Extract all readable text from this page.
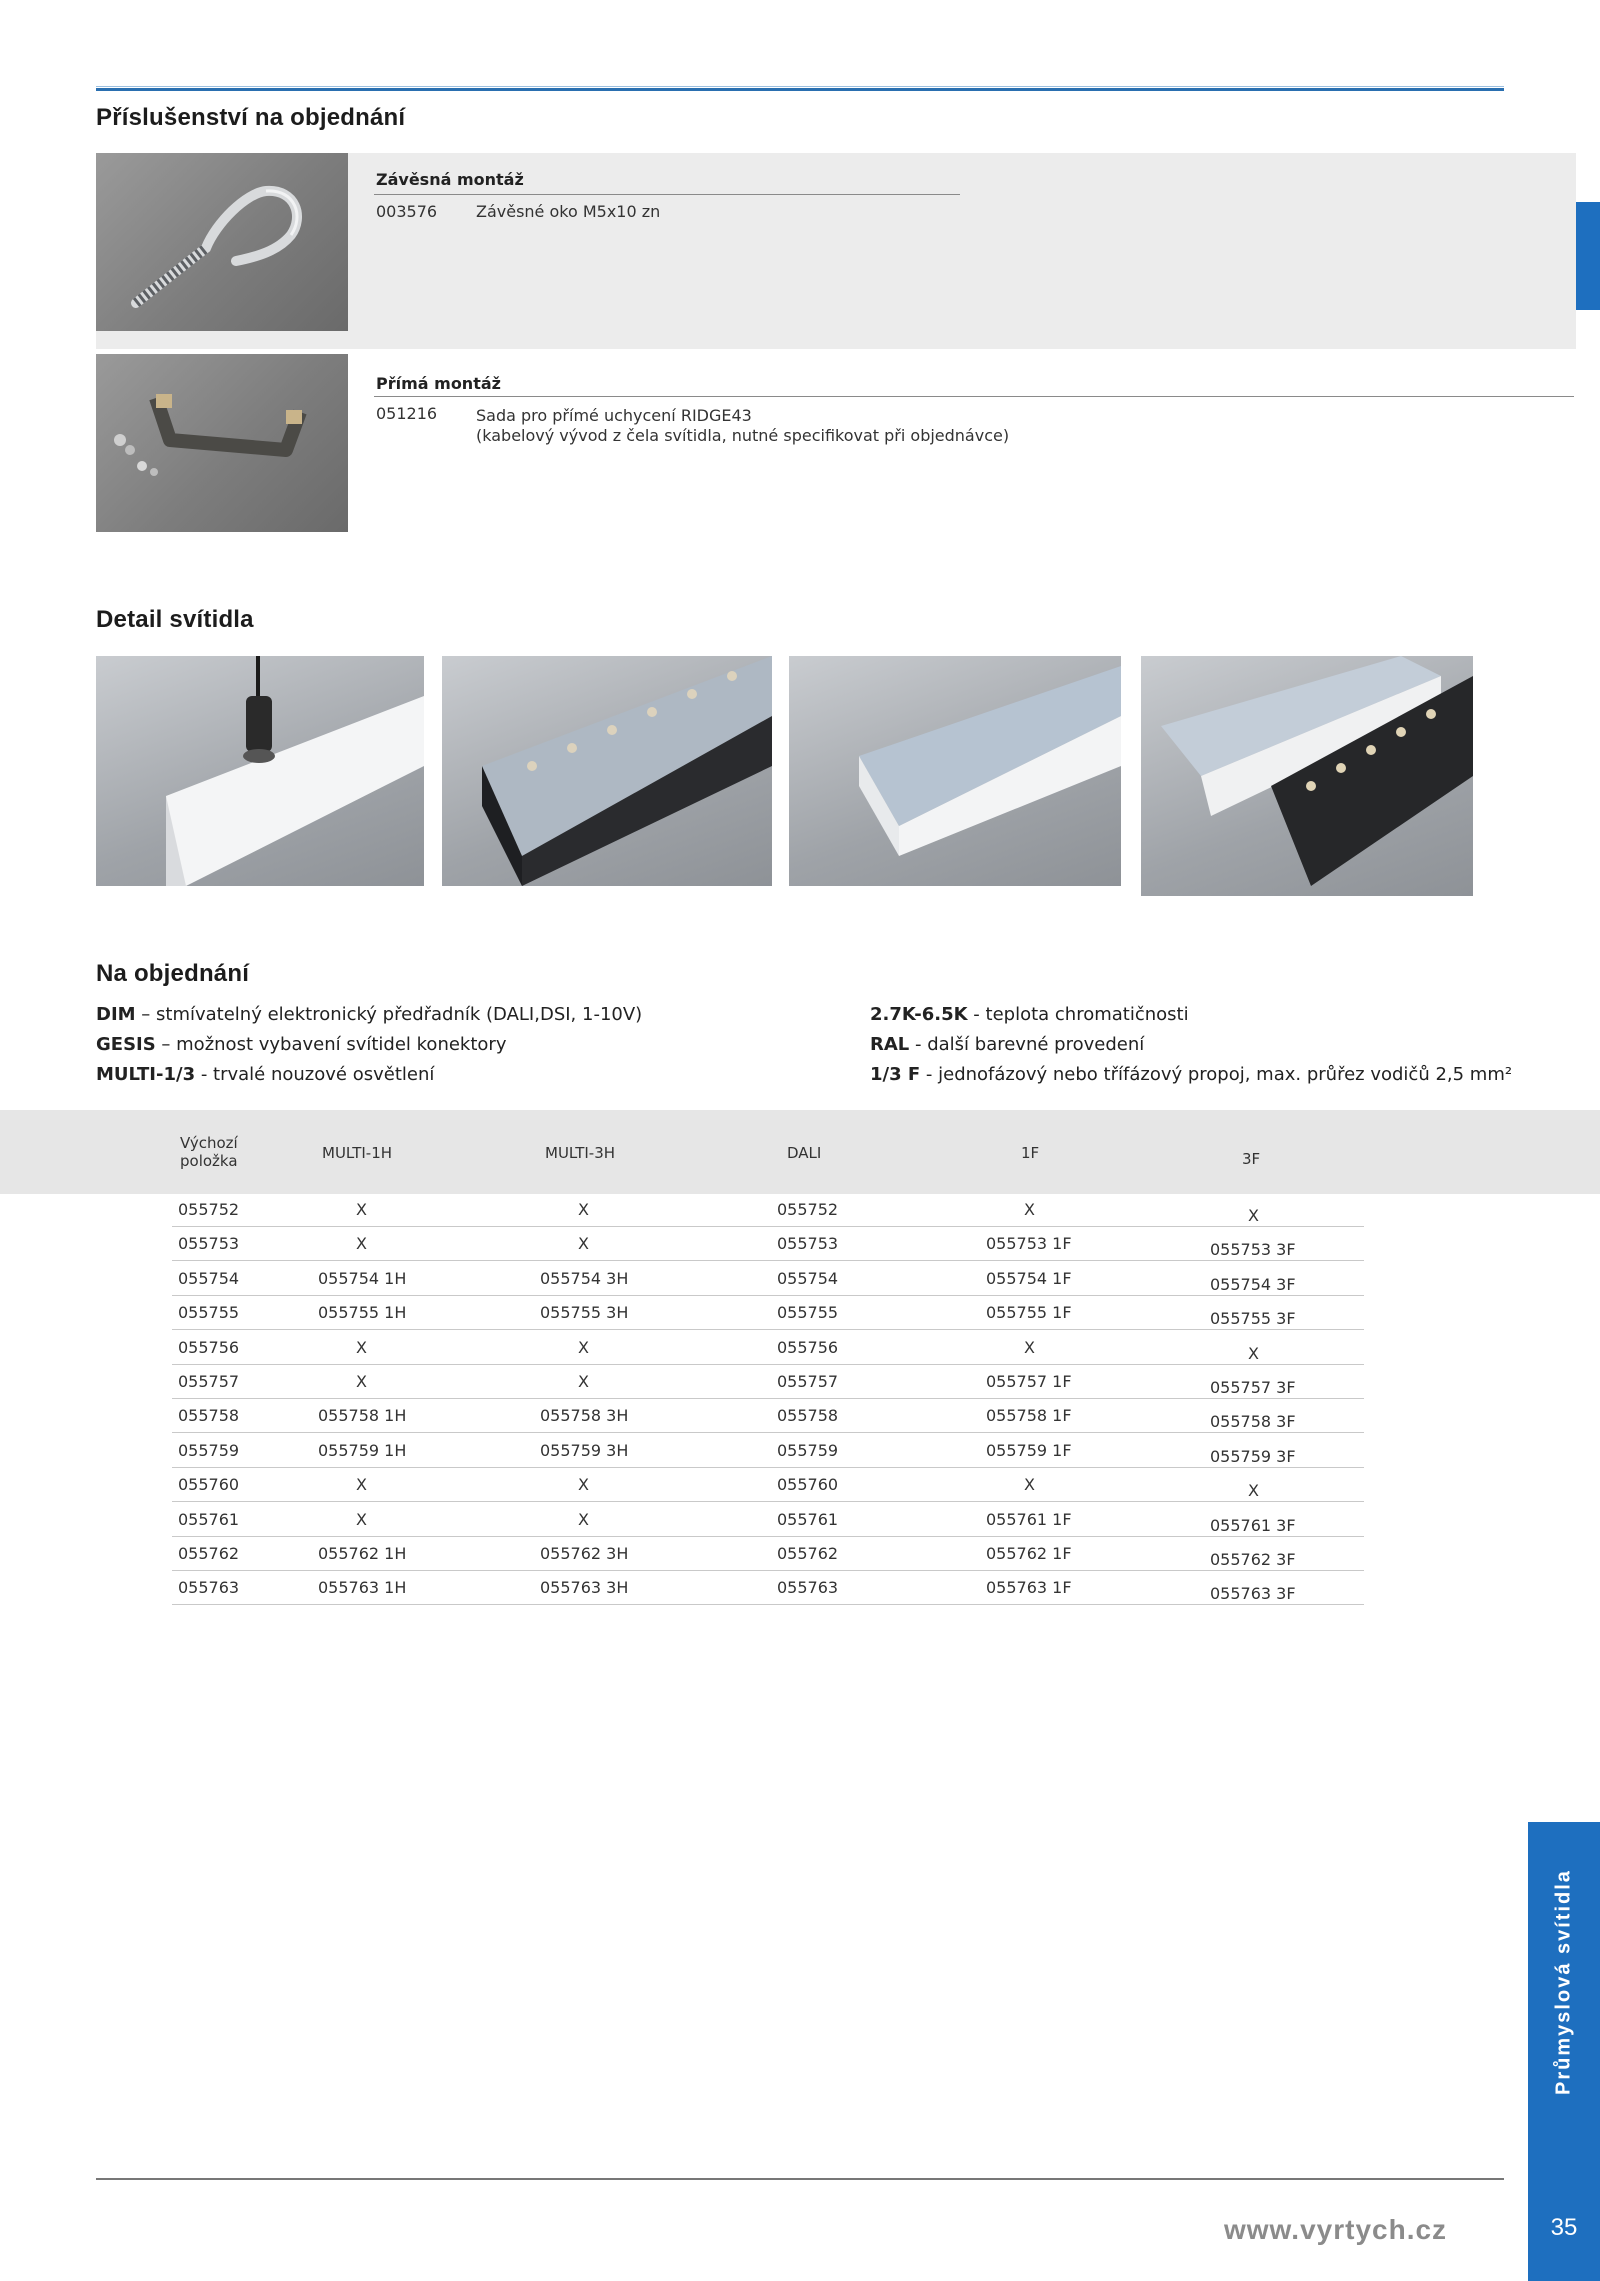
Příslušenství na objednání
Závěsná montáž
003576 Závěsné oko M5x10 zn
Přímá montáž
051216 Sada pro přímé uchycení RIDGE43
(kabelový vývod z čela svítidla, nutné specifikovat při objednávce)
Detail svítidla
Na objednání
DIM – stmívatelný elektronický předřadník (DALI,DSI, 1-10V)
GESIS – možnost vybavení svítidel konektory
MULTI-1/3 - trvalé nouzové osvětlení
2.7K-6.5K - teplota chromatičnosti
RAL - další barevné provedení
1/3 F - jednofázový nebo třífázový propoj, max. průřez vodičů 2,5 mm²
Výchozí
položka	MULTI-1H	MULTI-3H	DALI	1F	3F
055752	X	X	055752	X	X
055753	X	X	055753	055753 1F	055753 3F
055754	055754 1H	055754 3H	055754	055754 1F	055754 3F
055755	055755 1H	055755 3H	055755	055755 1F	055755 3F
055756	X	X	055756	X	X
055757	X	X	055757	055757 1F	055757 3F
055758	055758 1H	055758 3H	055758	055758 1F	055758 3F
055759	055759 1H	055759 3H	055759	055759 1F	055759 3F
055760	X	X	055760	X	X
055761	X	X	055761	055761 1F	055761 3F
055762	055762 1H	055762 3H	055762	055762 1F	055762 3F
055763	055763 1H	055763 3H	055763	055763 1F	055763 3F
www.vyrtych.cz
Průmyslová svítidla
35
